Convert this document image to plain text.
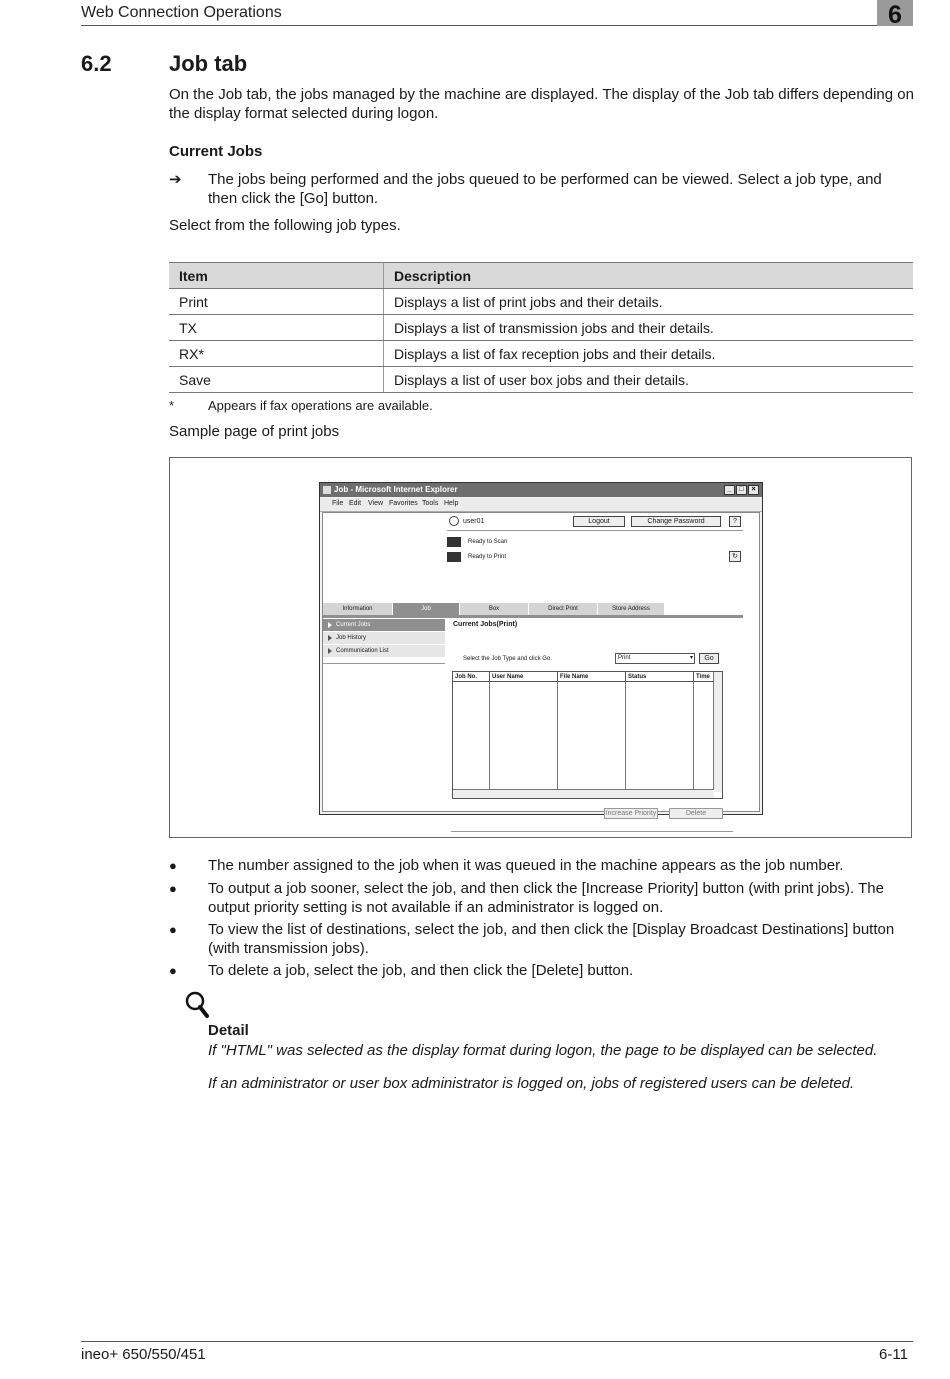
Web Connection Operations	6
6.2	Job tab
On the Job tab, the jobs managed by the machine are displayed. The display of the Job tab differs depending on the display format selected during logon.
Current Jobs
➔ The jobs being performed and the jobs queued to be performed can be viewed. Select a job type, and then click the [Go] button.
Select from the following job types.
Item	Description
Print	Displays a list of print jobs and their details.
TX	Displays a list of transmission jobs and their details.
RX*	Displays a list of fax reception jobs and their details.
Save	Displays a list of user box jobs and their details.
*	Appears if fax operations are available.
Sample page of print jobs
Job - Microsoft Internet Explorer	_	□	×
File Edit View Favorites Tools Help
user01	Logout	Change Password	?
Ready to Scan
Ready to Print	↻
Information	Job	Box	Direct Print	Store Address
Current Jobs
Job History
Communication List
Current Jobs(Print)
Select the Job Type and click Go.	Print	▾	Go
Job No.	User Name	File Name	Status	Time
Increase Priority	Delete
● The number assigned to the job when it was queued in the machine appears as the job number.
● To output a job sooner, select the job, and then click the [Increase Priority] button (with print jobs). The output priority setting is not available if an administrator is logged on.
● To view the list of destinations, select the job, and then click the [Display Broadcast Destinations] button (with transmission jobs).
● To delete a job, select the job, and then click the [Delete] button.
Detail
If "HTML" was selected as the display format during logon, the page to be displayed can be selected.
If an administrator or user box administrator is logged on, jobs of registered users can be deleted.
ineo+ 650/550/451	6-11
